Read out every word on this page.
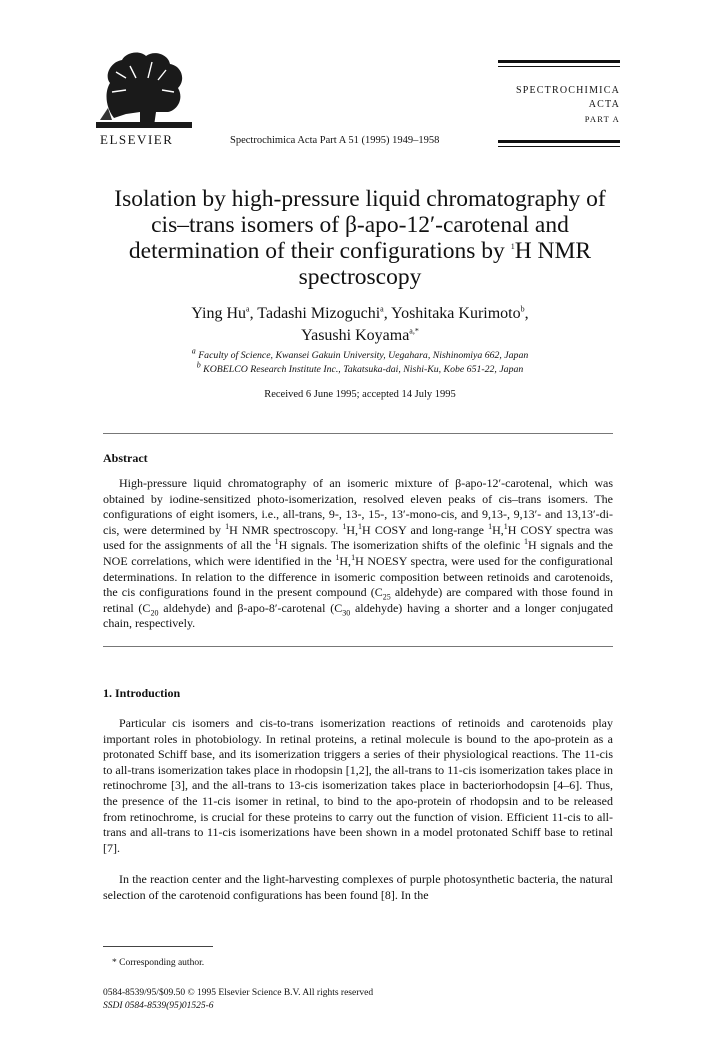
ELSEVIER	Spectrochimica Acta Part A 51 (1995) 1949–1958
SPECTROCHIMICA
ACTA
PART A
Isolation by high-pressure liquid chromatography of
cis–trans isomers of β-apo-12′-carotenal and
determination of their configurations by $^1$H NMR
spectroscopy
Ying Hu$^a$, Tadashi Mizoguchi$^a$, Yoshitaka Kurimoto$^b$,
Yasushi Koyama$^{a,*}$
$^a$ Faculty of Science, Kwansei Gakuin University, Uegahara, Nishinomiya 662, Japan
$^b$ KOBELCO Research Institute Inc., Takatsuka-dai, Nishi-Ku, Kobe 651-22, Japan
Received 6 June 1995; accepted 14 July 1995
Abstract

High-pressure liquid chromatography of an isomeric mixture of β-apo-12′-carotenal, which was obtained by iodine-sensitized photo-isomerization, resolved eleven peaks of cis–trans isomers. The configurations of eight isomers, i.e., all-trans, 9-, 13-, 15-, 13′-mono-cis, and 9,13-, 9,13′- and 13,13′-di-cis, were determined by $^1$H NMR spectroscopy. $^1$H,$^1$H COSY and long-range $^1$H,$^1$H COSY spectra was used for the assignments of all the $^1$H signals. The isomerization shifts of the olefinic $^1$H signals and the NOE correlations, which were identified in the $^1$H,$^1$H NOESY spectra, were used for the configurational determinations. In relation to the difference in isomeric composition between retinoids and carotenoids, the cis configurations found in the present compound ($C_{25}$ aldehyde) are compared with those found in retinal ($C_{20}$ aldehyde) and β-apo-8′-carotenal ($C_{30}$ aldehyde) having a shorter and a longer conjugated chain, respectively.

1. Introduction

Particular cis isomers and cis-to-trans isomerization reactions of retinoids and carotenoids play important roles in photobiology. In retinal proteins, a retinal molecule is bound to the apo-protein as a protonated Schiff base, and its isomerization triggers a series of their physiological reactions. The 11-cis to all-trans isomerization takes place in rhodopsin [1,2], the all-trans to 11-cis isomerization takes place in retinochrome [3], and the all-trans to 13-cis isomerization takes place in bacteriorhodopsin [4–6]. Thus, the presence of the 11-cis isomer in retinal, to bind to the apo-protein of rhodopsin and to be released from retinochrome, is crucial for these proteins to carry out the function of vision. Efficient 11-cis to all-trans and all-trans to 11-cis isomerizations have been shown in a model protonated Schiff base to retinal [7].

In the reaction center and the light-harvesting complexes of purple photosynthetic bacteria, the natural selection of the carotenoid configurations has been found [8]. In the

* Corresponding author.
0584-8539/95/$09.50 © 1995 Elsevier Science B.V. All rights reserved
SSDI 0584-8539(95)01525-6
